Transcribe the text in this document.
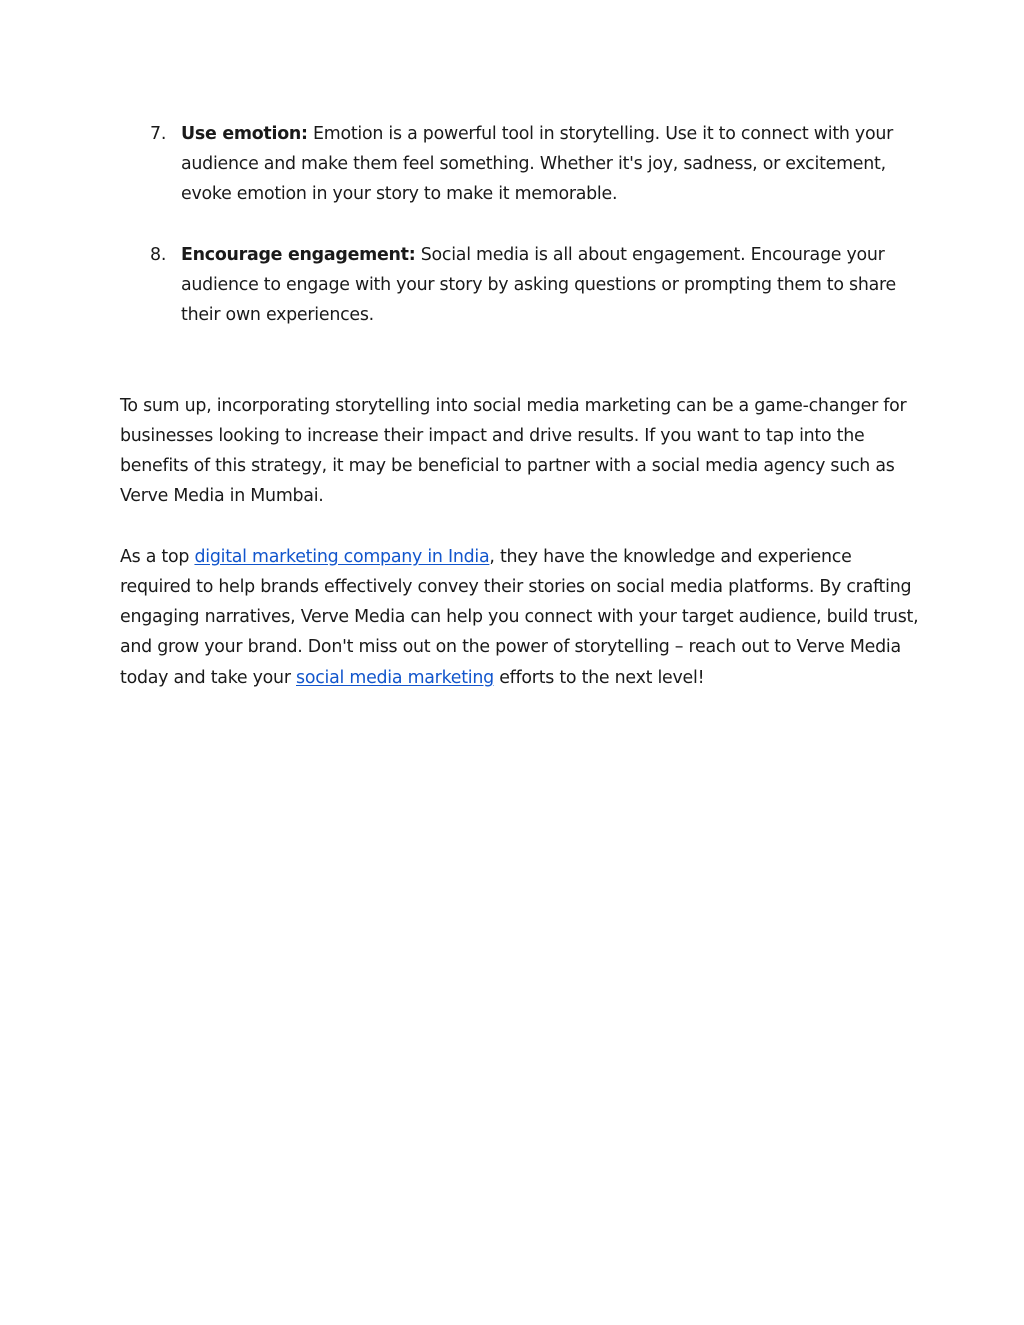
7. Use emotion: Emotion is a powerful tool in storytelling. Use it to connect with your audience and make them feel something. Whether it's joy, sadness, or excitement, evoke emotion in your story to make it memorable.
8. Encourage engagement: Social media is all about engagement. Encourage your audience to engage with your story by asking questions or prompting them to share their own experiences.

To sum up, incorporating storytelling into social media marketing can be a game-changer for businesses looking to increase their impact and drive results. If you want to tap into the benefits of this strategy, it may be beneficial to partner with a social media agency such as Verve Media in Mumbai.

As a top digital marketing company in India, they have the knowledge and experience required to help brands effectively convey their stories on social media platforms. By crafting engaging narratives, Verve Media can help you connect with your target audience, build trust, and grow your brand. Don't miss out on the power of storytelling – reach out to Verve Media today and take your social media marketing efforts to the next level!
